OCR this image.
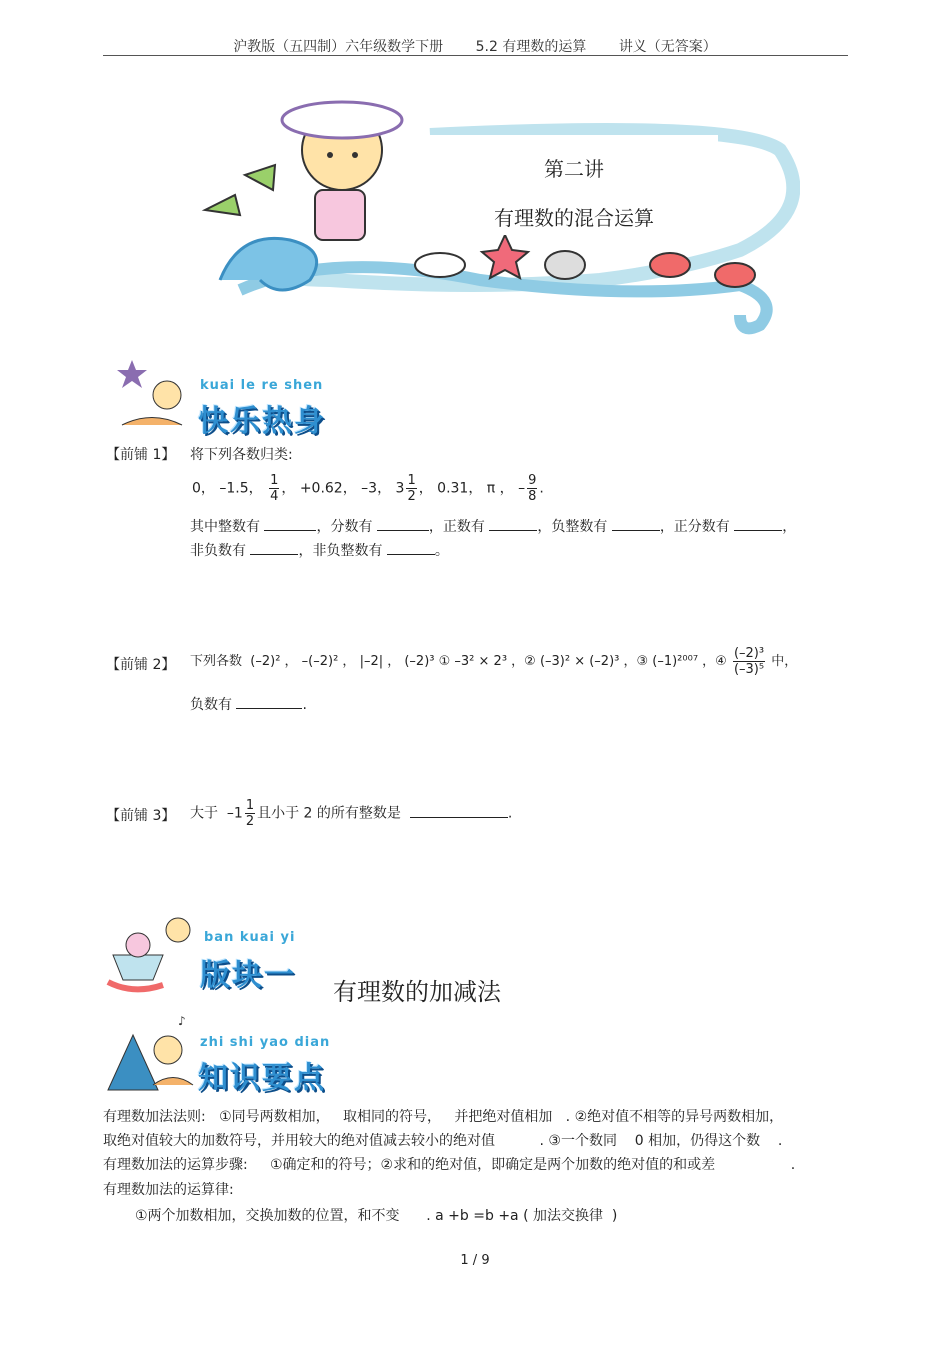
沪教版（五四制）六年级数学下册 5.2 有理数的运算 讲义（无答案）
第二讲
有理数的混合运算
kuai le re shen
快乐热身
【前铺 1】 将下列各数归类:
0， –1.5， $\frac{1}{4}$ ， +0.62， –3， $3 \frac{1}{2}$ ， 0.31， π ， – $\frac{9}{8}$ .
其中整数有	，分数有	，正数有	，负整数有	，正分数有	，
非负数有	，非负整数有	。
【前铺 2】 下列各数 (–2)² ， –(–2)² ， |–2| ， (–2)³ ① –3² × 2³ ，② (–3)² × (–2)³ ，③ (–1)²⁰⁰⁷ ，④ $\frac{\text{(–2)³}}{\text{(–3)⁵}}$ 中，
负数有	.
【前铺 3】 大于 $-1 \frac{1}{2}$ 且小于 2 的所有整数是	.
ban kuai yi
版块一 有理数的加减法
♪
zhi shi yao dian
知识要点
有理数加法法则:   ①同号两数相加，   取相同的符号，   并把绝对值相加   . ②绝对值不相等的异号两数相加，
取绝对值较大的加数符号，并用较大的绝对值减去较小的绝对值          . ③一个数同    0 相加，仍得这个数    .
有理数加法的运算步骤:     ①确定和的符号；②求和的绝对值，即确定是两个加数的绝对值的和或差                 .
有理数加法的运算律:
①两个加数相加，交换加数的位置，和不变      . a +b =b +a ( 加法交换律  )
1 / 9
